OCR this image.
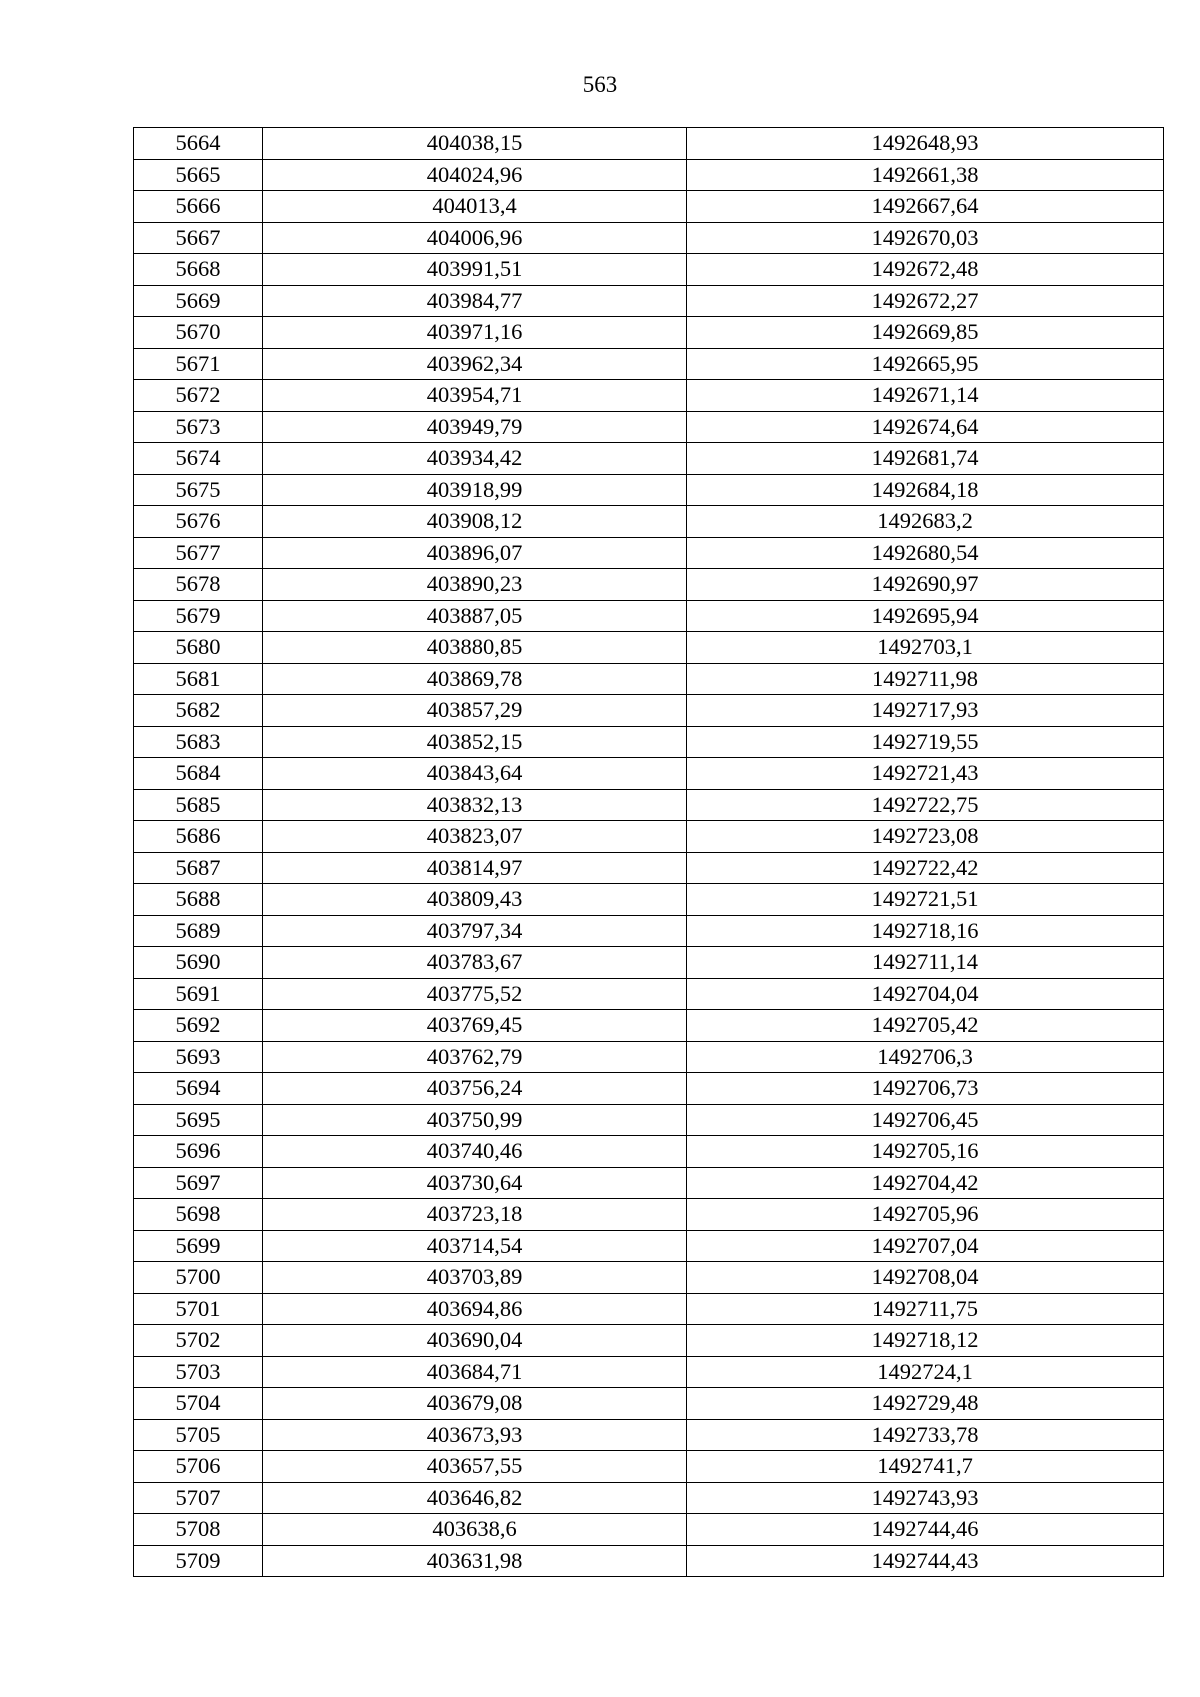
563
5664	404038,15	1492648,93
5665	404024,96	1492661,38
5666	404013,4	1492667,64
5667	404006,96	1492670,03
5668	403991,51	1492672,48
5669	403984,77	1492672,27
5670	403971,16	1492669,85
5671	403962,34	1492665,95
5672	403954,71	1492671,14
5673	403949,79	1492674,64
5674	403934,42	1492681,74
5675	403918,99	1492684,18
5676	403908,12	1492683,2
5677	403896,07	1492680,54
5678	403890,23	1492690,97
5679	403887,05	1492695,94
5680	403880,85	1492703,1
5681	403869,78	1492711,98
5682	403857,29	1492717,93
5683	403852,15	1492719,55
5684	403843,64	1492721,43
5685	403832,13	1492722,75
5686	403823,07	1492723,08
5687	403814,97	1492722,42
5688	403809,43	1492721,51
5689	403797,34	1492718,16
5690	403783,67	1492711,14
5691	403775,52	1492704,04
5692	403769,45	1492705,42
5693	403762,79	1492706,3
5694	403756,24	1492706,73
5695	403750,99	1492706,45
5696	403740,46	1492705,16
5697	403730,64	1492704,42
5698	403723,18	1492705,96
5699	403714,54	1492707,04
5700	403703,89	1492708,04
5701	403694,86	1492711,75
5702	403690,04	1492718,12
5703	403684,71	1492724,1
5704	403679,08	1492729,48
5705	403673,93	1492733,78
5706	403657,55	1492741,7
5707	403646,82	1492743,93
5708	403638,6	1492744,46
5709	403631,98	1492744,43
